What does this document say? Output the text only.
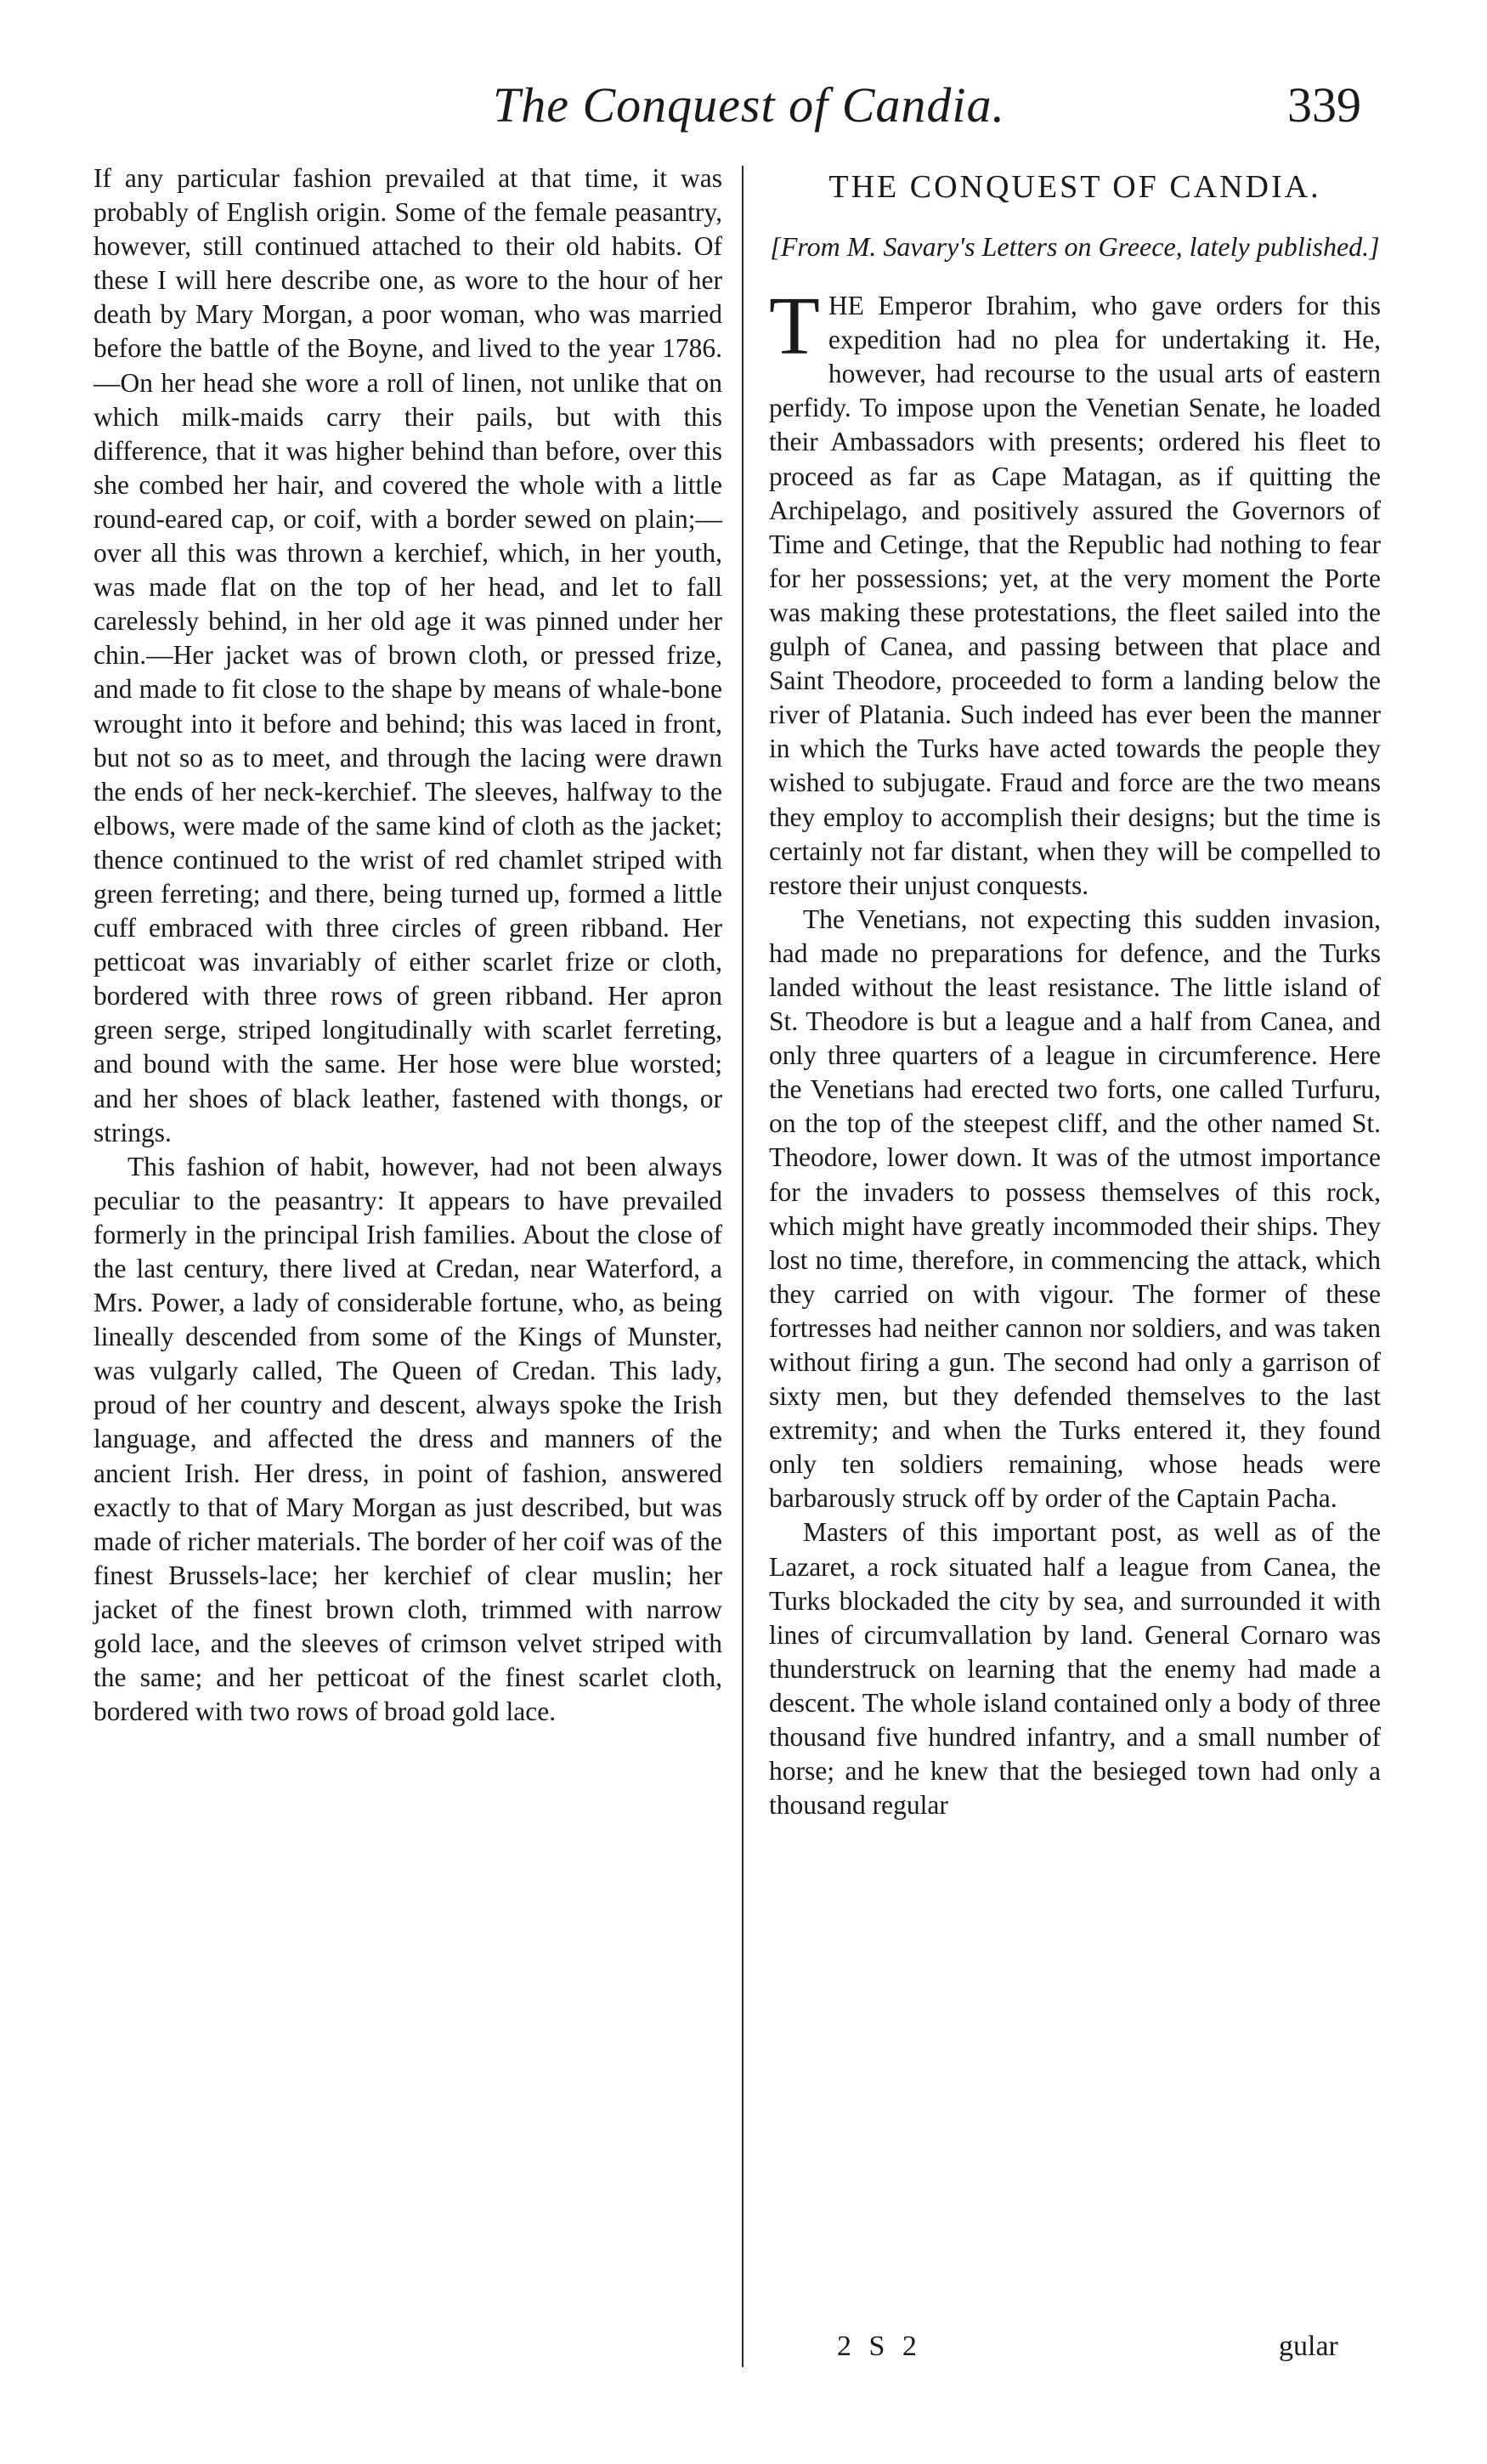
The Conquest of Candia.	339

If any particular fashion prevailed at that time, it was probably of English origin. Some of the female peasantry, however, still continued attached to their old habits. Of these I will here describe one, as wore to the hour of her death by Mary Morgan, a poor woman, who was married before the battle of the Boyne, and lived to the year 1786.—On her head she wore a roll of linen, not unlike that on which milk-maids carry their pails, but with this difference, that it was higher behind than before, over this she combed her hair, and covered the whole with a little round-eared cap, or coif, with a border sewed on plain;—over all this was thrown a kerchief, which, in her youth, was made flat on the top of her head, and let to fall carelessly behind, in her old age it was pinned under her chin.—Her jacket was of brown cloth, or pressed frize, and made to fit close to the shape by means of whale-bone wrought into it before and behind; this was laced in front, but not so as to meet, and through the lacing were drawn the ends of her neck-kerchief. The sleeves, halfway to the elbows, were made of the same kind of cloth as the jacket; thence continued to the wrist of red chamlet striped with green ferreting; and there, being turned up, formed a little cuff embraced with three circles of green ribband. Her petticoat was invariably of either scarlet frize or cloth, bordered with three rows of green ribband. Her apron green serge, striped longitudinally with scarlet ferreting, and bound with the same. Her hose were blue worsted; and her shoes of black leather, fastened with thongs, or strings.

This fashion of habit, however, had not been always peculiar to the peasantry: It appears to have prevailed formerly in the principal Irish families. About the close of the last century, there lived at Credan, near Waterford, a Mrs. Power, a lady of considerable fortune, who, as being lineally descended from some of the Kings of Munster, was vulgarly called, The Queen of Credan. This lady, proud of her country and descent, always spoke the Irish language, and affected the dress and manners of the ancient Irish. Her dress, in point of fashion, answered exactly to that of Mary Morgan as just described, but was made of richer materials. The border of her coif was of the finest Brussels-lace; her kerchief of clear muslin; her jacket of the finest brown cloth, trimmed with narrow gold lace, and the sleeves of crimson velvet striped with the same; and her petticoat of the finest scarlet cloth, bordered with two rows of broad gold lace.

THE CONQUEST OF CANDIA.
[From M. Savary's Letters on Greece, lately published.]

THE Emperor Ibrahim, who gave orders for this expedition had no plea for undertaking it. He, however, had recourse to the usual arts of eastern perfidy. To impose upon the Venetian Senate, he loaded their Ambassadors with presents; ordered his fleet to proceed as far as Cape Matagan, as if quitting the Archipelago, and positively assured the Governors of Time and Cetinge, that the Republic had nothing to fear for her possessions; yet, at the very moment the Porte was making these protestations, the fleet sailed into the gulph of Canea, and passing between that place and Saint Theodore, proceeded to form a landing below the river of Platania. Such indeed has ever been the manner in which the Turks have acted towards the people they wished to subjugate. Fraud and force are the two means they employ to accomplish their designs; but the time is certainly not far distant, when they will be compelled to restore their unjust conquests.

The Venetians, not expecting this sudden invasion, had made no preparations for defence, and the Turks landed without the least resistance. The little island of St. Theodore is but a league and a half from Canea, and only three quarters of a league in circumference. Here the Venetians had erected two forts, one called Turfuru, on the top of the steepest cliff, and the other named St. Theodore, lower down. It was of the utmost importance for the invaders to possess themselves of this rock, which might have greatly incommoded their ships. They lost no time, therefore, in commencing the attack, which they carried on with vigour. The former of these fortresses had neither cannon nor soldiers, and was taken without firing a gun. The second had only a garrison of sixty men, but they defended themselves to the last extremity; and when the Turks entered it, they found only ten soldiers remaining, whose heads were barbarously struck off by order of the Captain Pacha.

Masters of this important post, as well as of the Lazaret, a rock situated half a league from Canea, the Turks blockaded the city by sea, and surrounded it with lines of circumvallation by land. General Cornaro was thunderstruck on learning that the enemy had made a descent. The whole island contained only a body of three thousand five hundred infantry, and a small number of horse; and he knew that the besieged town had only a thousand regular

2 S 2	gular
